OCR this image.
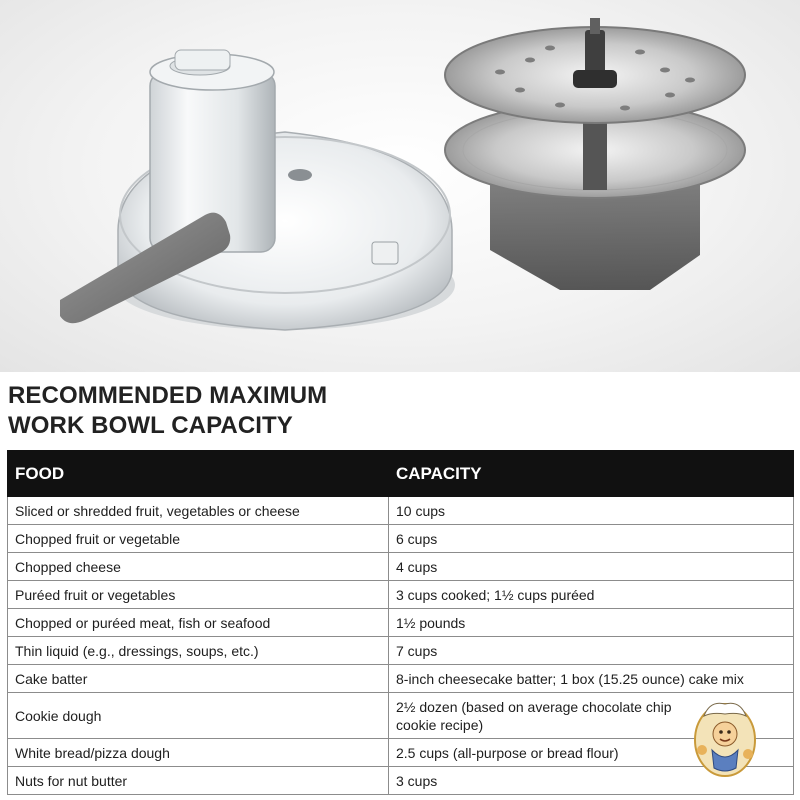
RECOMMENDED MAXIMUM
WORK BOWL CAPACITY
FOOD	CAPACITY
Sliced or shredded fruit, vegetables or cheese	10 cups
Chopped fruit or vegetable	6 cups
Chopped cheese	4 cups
Puréed fruit or vegetables	3 cups cooked; 1½ cups puréed
Chopped or puréed meat, fish or seafood	1½ pounds
Thin liquid (e.g., dressings, soups, etc.)	7 cups
Cake batter	8-inch cheesecake batter; 1 box (15.25 ounce) cake mix
Cookie dough	2½ dozen (based on average chocolate chip cookie recipe)
White bread/pizza dough	2.5 cups (all-purpose or bread flour)
Nuts for nut butter	3 cups
